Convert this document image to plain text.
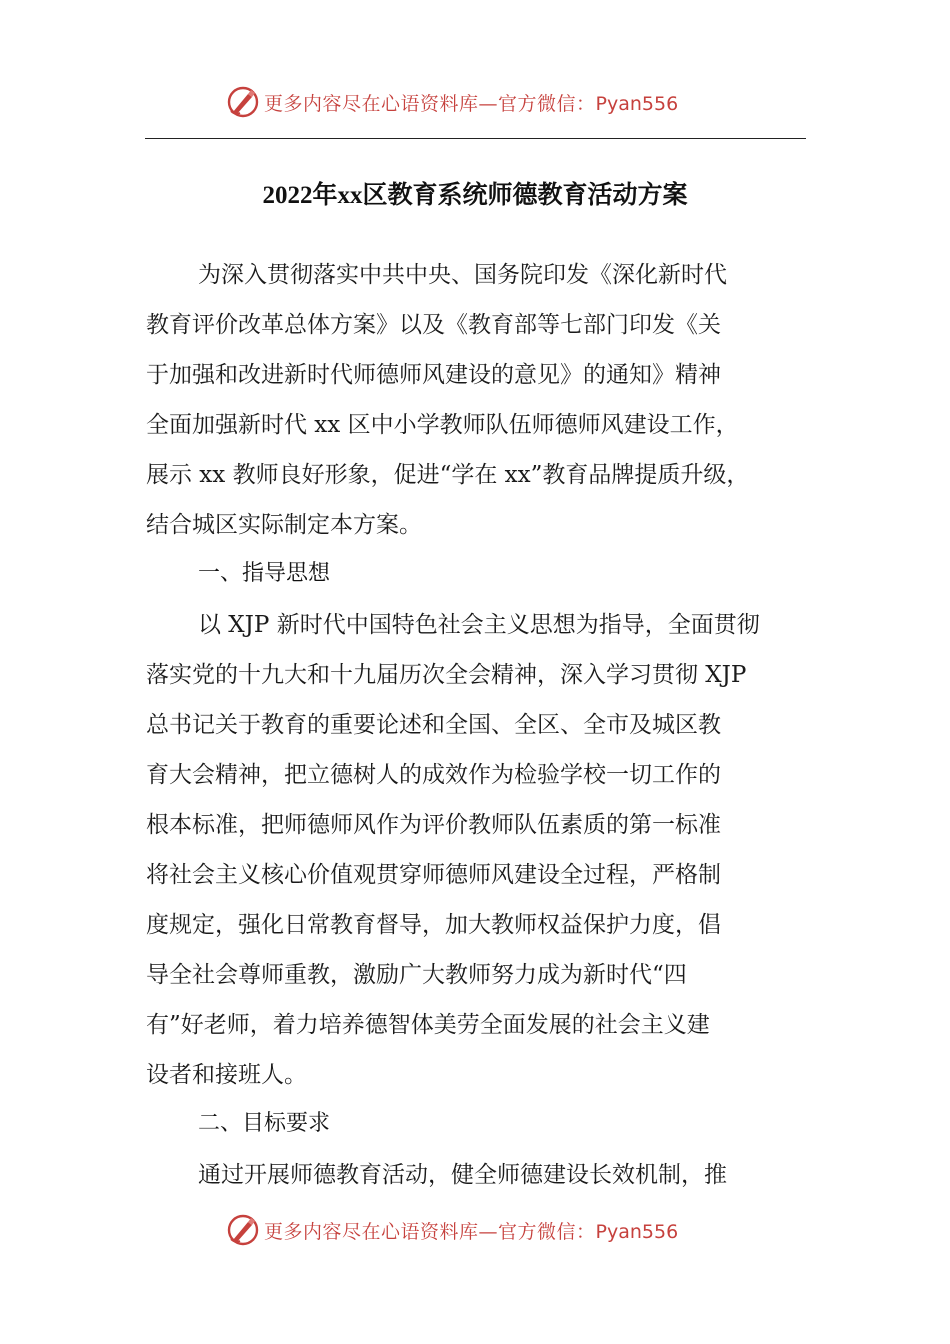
更多内容尽在心语资料库—官方微信：Pyan556
2022年xx区教育系统师德教育活动方案
为深入贯彻落实中共中央、国务院印发《深化新时代
教育评价改革总体方案》以及《教育部等七部门印发《关
于加强和改进新时代师德师风建设的意见》的通知》精神
全面加强新时代 xx 区中小学教师队伍师德师风建设工作，
展示 xx 教师良好形象，促进“学在 xx”教育品牌提质升级，
结合城区实际制定本方案。
一、指导思想
以 XJP 新时代中国特色社会主义思想为指导，全面贯彻
落实党的十九大和十九届历次全会精神，深入学习贯彻 XJP
总书记关于教育的重要论述和全国、全区、全市及城区教
育大会精神，把立德树人的成效作为检验学校一切工作的
根本标准，把师德师风作为评价教师队伍素质的第一标准
将社会主义核心价值观贯穿师德师风建设全过程，严格制
度规定，强化日常教育督导，加大教师权益保护力度，倡
导全社会尊师重教，激励广大教师努力成为新时代“四
有”好老师，着力培养德智体美劳全面发展的社会主义建
设者和接班人。
二、目标要求
通过开展师德教育活动，健全师德建设长效机制，推
更多内容尽在心语资料库—官方微信：Pyan556
